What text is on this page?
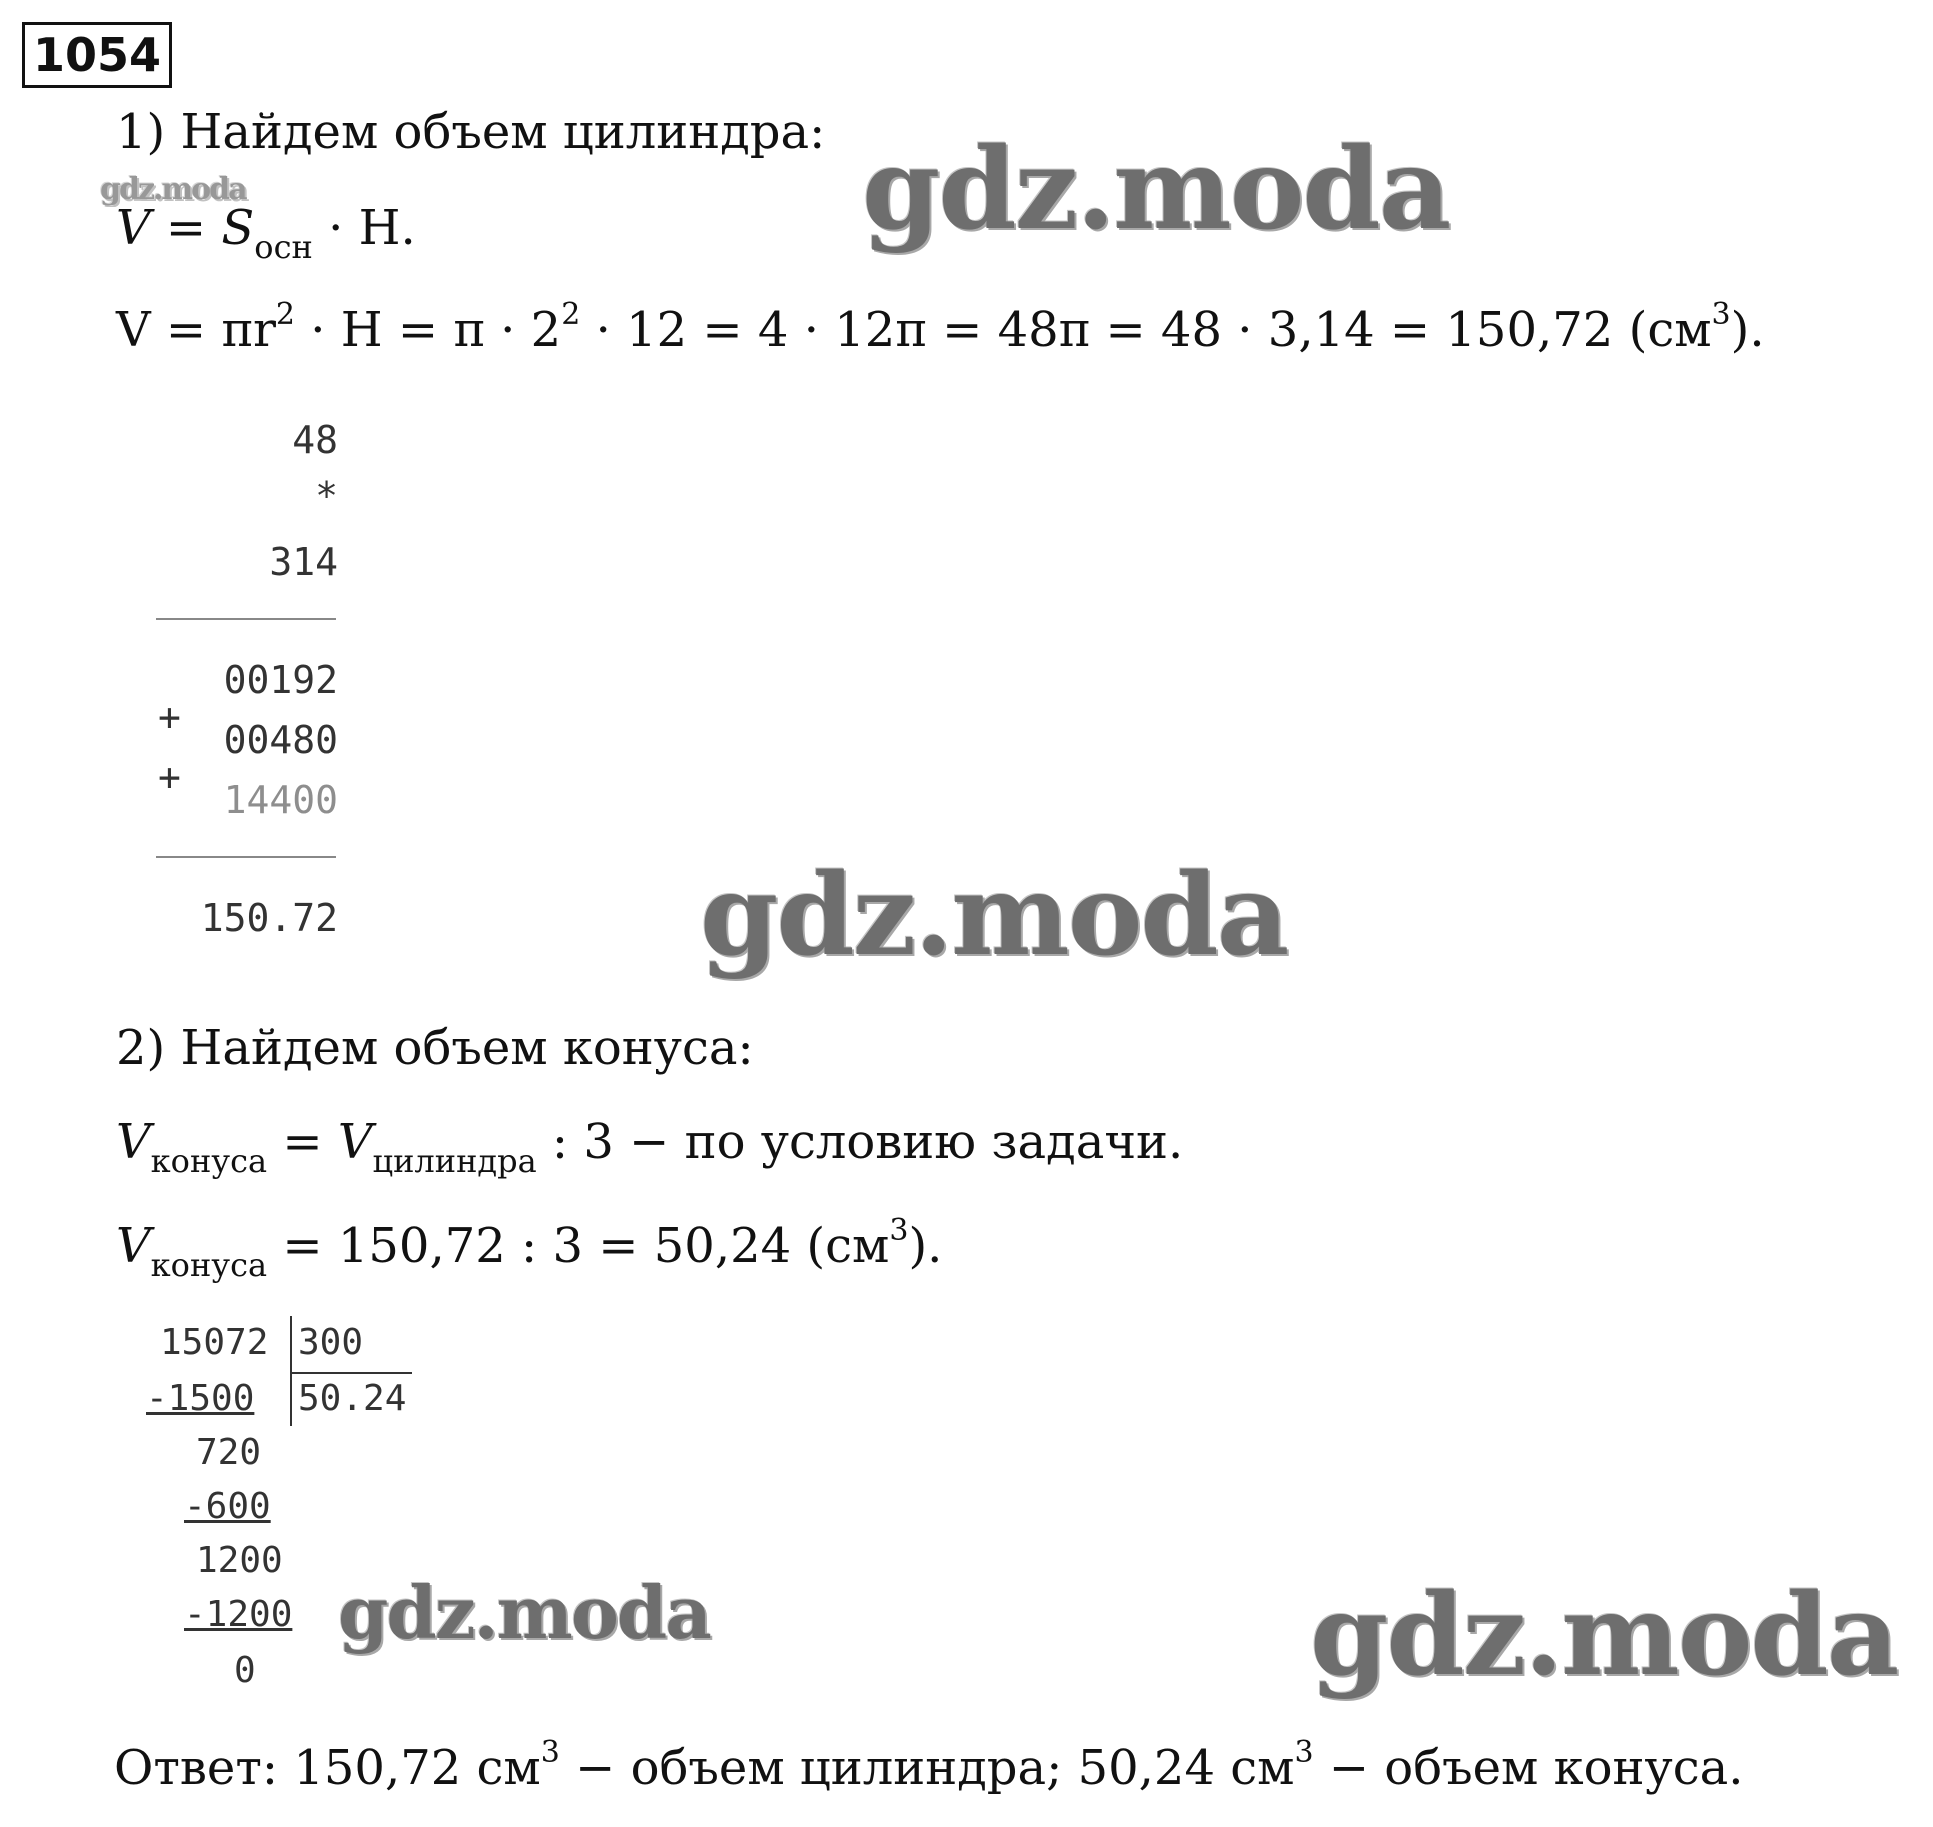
1054
1) Найдем объем цилиндра:
$V = S_{осн} \cdot H$.
$V = \pi r^2 \cdot H = \pi \cdot 2^2 \cdot 12 = 4 \cdot 12\pi = 48\pi = 48 \cdot 3,14 = 150,72$ $(см^3)$.
48
*
314
00192
+
00480
+
14400
150.72
2) Найдем объем конуса:
$V_{конуса} = V_{цилиндра}$ : 3 − по условию задачи.
$V_{конуса} = 150,72$ : 3 = 50,24 $(см^3)$.
15072 300
50.24
-1500
720
-600
1200
-1200
0
Ответ: 150,72 $см^3$ − объем цилиндра; 50,24 $см^3$ − объем конуса.
gdz.moda	gdz.moda
gdz.moda
gdz.moda	gdz.moda
